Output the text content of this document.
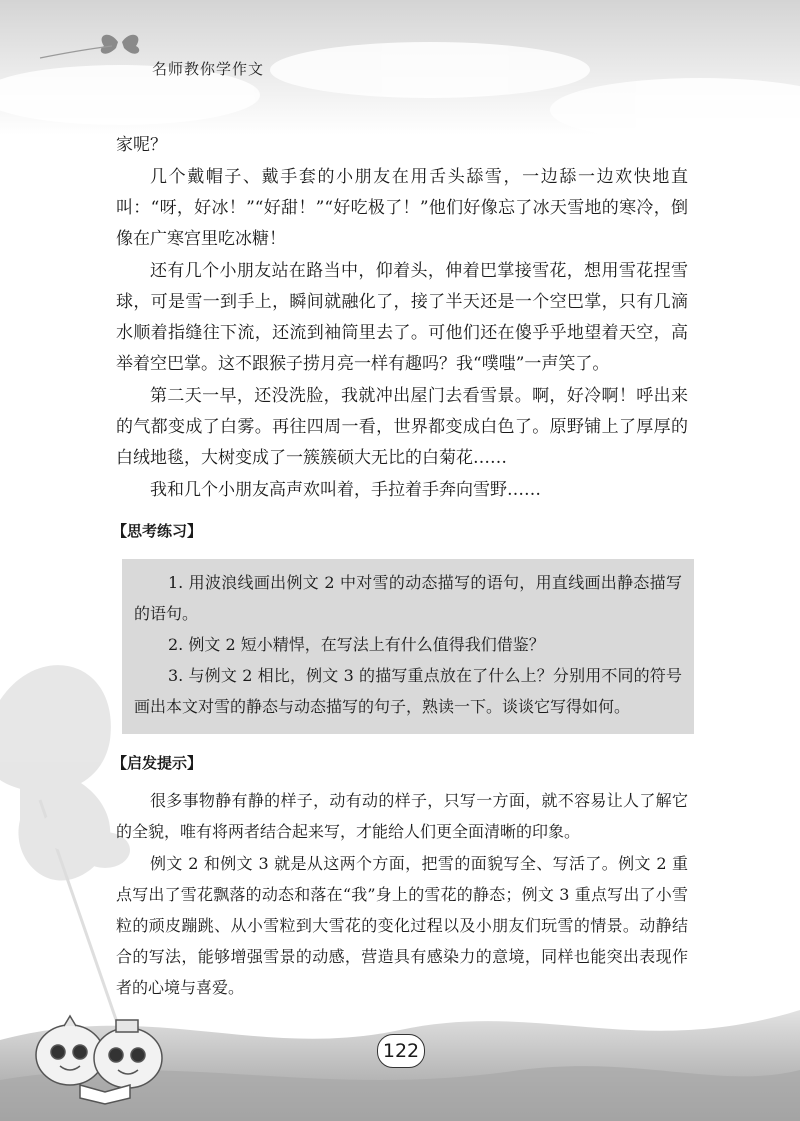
名师教你学作文

家呢？

几个戴帽子、戴手套的小朋友在用舌头舔雪，一边舔一边欢快地直叫：“呀，好冰！”“好甜！”“好吃极了！”他们好像忘了冰天雪地的寒冷，倒像在广寒宫里吃冰糖！

还有几个小朋友站在路当中，仰着头，伸着巴掌接雪花，想用雪花捏雪球，可是雪一到手上，瞬间就融化了，接了半天还是一个空巴掌，只有几滴水顺着指缝往下流，还流到袖筒里去了。可他们还在傻乎乎地望着天空，高举着空巴掌。这不跟猴子捞月亮一样有趣吗？我“噗嗤”一声笑了。

第二天一早，还没洗脸，我就冲出屋门去看雪景。啊，好冷啊！呼出来的气都变成了白雾。再往四周一看，世界都变成白色了。原野铺上了厚厚的白绒地毯，大树变成了一簇簇硕大无比的白菊花……

我和几个小朋友高声欢叫着，手拉着手奔向雪野……

【思考练习】

1. 用波浪线画出例文 2 中对雪的动态描写的语句，用直线画出静态描写的语句。

2. 例文 2 短小精悍，在写法上有什么值得我们借鉴？

3. 与例文 2 相比，例文 3 的描写重点放在了什么上？分别用不同的符号画出本文对雪的静态与动态描写的句子，熟读一下。谈谈它写得如何。

【启发提示】

很多事物静有静的样子，动有动的样子，只写一方面，就不容易让人了解它的全貌，唯有将两者结合起来写，才能给人们更全面清晰的印象。

例文 2 和例文 3 就是从这两个方面，把雪的面貌写全、写活了。例文 2 重点写出了雪花飘落的动态和落在“我”身上的雪花的静态；例文 3 重点写出了小雪粒的顽皮蹦跳、从小雪粒到大雪花的变化过程以及小朋友们玩雪的情景。动静结合的写法，能够增强雪景的动感，营造具有感染力的意境，同样也能突出表现作者的心境与喜爱。

122
